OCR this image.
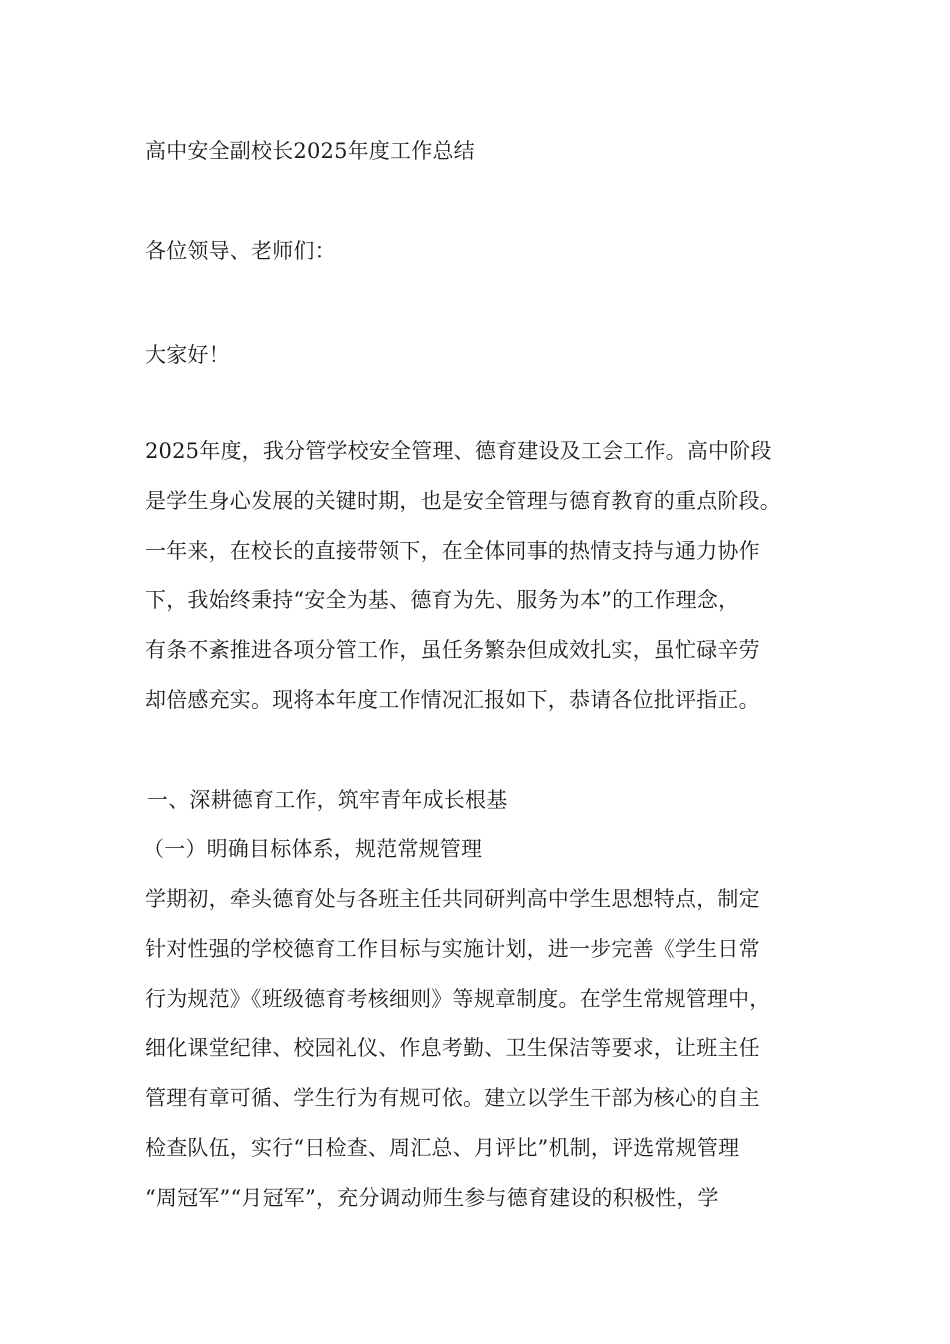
高中安全副校长2025年度工作总结
各位领导、老师们：
大家好！
2025年度，我分管学校安全管理、德育建设及工会工作。高中阶段
是学生身心发展的关键时期，也是安全管理与德育教育的重点阶段。
一年来，在校长的直接带领下，在全体同事的热情支持与通力协作
下，我始终秉持“安全为基、德育为先、服务为本”的工作理念，
有条不紊推进各项分管工作，虽任务繁杂但成效扎实，虽忙碌辛劳
却倍感充实。现将本年度工作情况汇报如下，恭请各位批评指正。
一、深耕德育工作，筑牢青年成长根基
（一）明确目标体系，规范常规管理
学期初，牵头德育处与各班主任共同研判高中学生思想特点，制定
针对性强的学校德育工作目标与实施计划，进一步完善《学生日常
行为规范》《班级德育考核细则》等规章制度。在学生常规管理中，
细化课堂纪律、校园礼仪、作息考勤、卫生保洁等要求，让班主任
管理有章可循、学生行为有规可依。建立以学生干部为核心的自主
检查队伍，实行“日检查、周汇总、月评比”机制，评选常规管理
“周冠军”“月冠军”，充分调动师生参与德育建设的积极性，学
